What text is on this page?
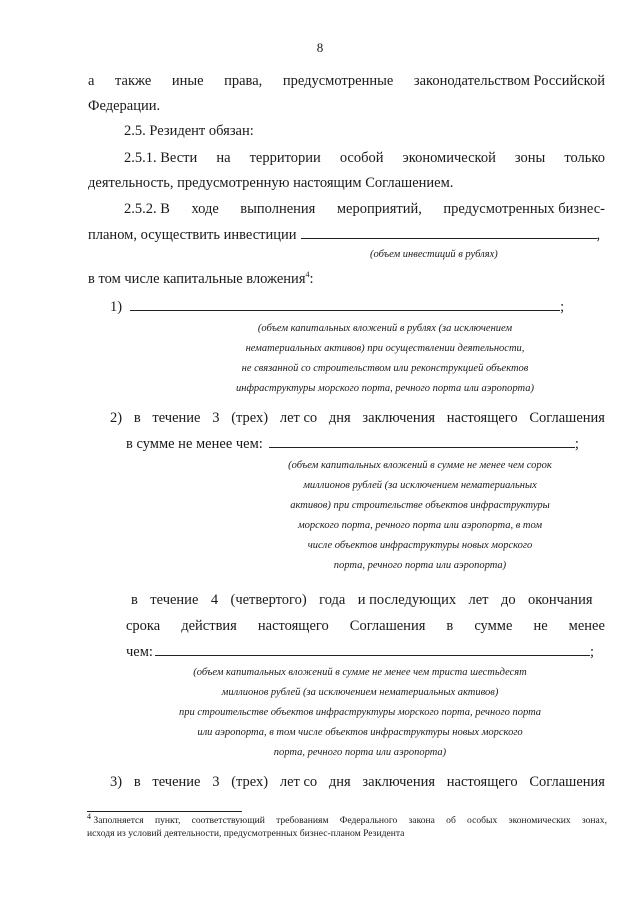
8
а также иные права, предусмотренные законодательством Российской
Федерации.
2.5. Резидент обязан:
2.5.1. Вести на территории особой экономической зоны только
деятельность, предусмотренную настоящим Соглашением.
2.5.2. В ходе выполнения мероприятий, предусмотренных бизнес-
планом, осуществить инвестиции	,
(объем инвестиций в рублях)
в том числе капитальные вложения$^4$:
1)	;
(объем капитальных вложений в рублях (за исключением
нематериальных активов) при осуществлении деятельности,
не связанной со строительством или реконструкцией объектов
инфраструктуры морского порта, речного порта или аэропорта)
2) в течение 3 (трех) лет со дня заключения настоящего Соглашения
в сумме не менее чем:	;
(объем капитальных вложений в сумме не менее чем сорок
миллионов рублей (за исключением нематериальных
активов) при строительстве объектов инфраструктуры
морского порта, речного порта или аэропорта, в том
числе объектов инфраструктуры новых морского
порта, речного порта или аэропорта)
в течение 4 (четвертого) года и последующих лет до окончания
срока действия настоящего Соглашения в сумме не менее
чем:	;
(объем капитальных вложений в сумме не менее чем триста шестьдесят
миллионов рублей (за исключением нематериальных активов)
при строительстве объектов инфраструктуры морского порта, речного порта
или аэропорта, в том числе объектов инфраструктуры новых морского
порта, речного порта или аэропорта)
3) в течение 3 (трех) лет со дня заключения настоящего Соглашения
$^4$ Заполняется пункт, соответствующий требованиям Федерального закона об особых экономических зонах,
исходя из условий деятельности, предусмотренных бизнес-планом Резидента
